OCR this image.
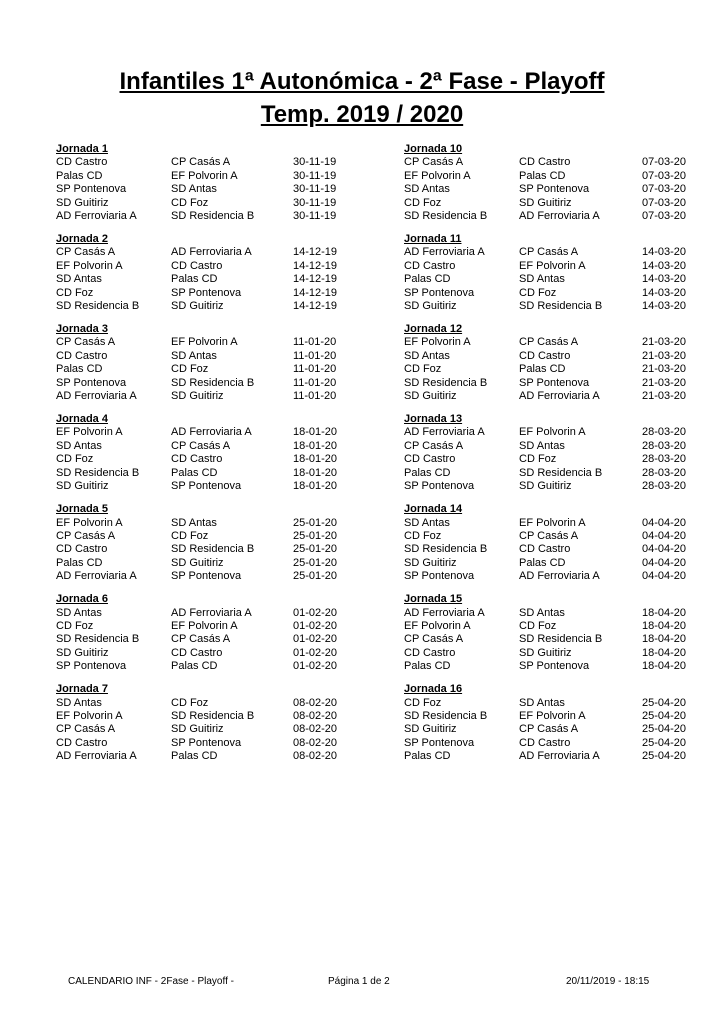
Infantiles 1ª Autonómica - 2ª Fase - Playoff
Temp. 2019 / 2020
Jornada 1
CD Castro	CP Casás A	30-11-19
Palas CD	EF Polvorin A	30-11-19
SP Pontenova	SD Antas	30-11-19
SD Guitiriz	CD Foz	30-11-19
AD Ferroviaria A	SD Residencia B	30-11-19
Jornada 2
CP Casás A	AD Ferroviaria A	14-12-19
EF Polvorin A	CD Castro	14-12-19
SD Antas	Palas CD	14-12-19
CD Foz	SP Pontenova	14-12-19
SD Residencia B	SD Guitiriz	14-12-19
Jornada 3
CP Casás A	EF Polvorin A	11-01-20
CD Castro	SD Antas	11-01-20
Palas CD	CD Foz	11-01-20
SP Pontenova	SD Residencia B	11-01-20
AD Ferroviaria A	SD Guitiriz	11-01-20
Jornada 4
EF Polvorin A	AD Ferroviaria A	18-01-20
SD Antas	CP Casás A	18-01-20
CD Foz	CD Castro	18-01-20
SD Residencia B	Palas CD	18-01-20
SD Guitiriz	SP Pontenova	18-01-20
Jornada 5
EF Polvorin A	SD Antas	25-01-20
CP Casás A	CD Foz	25-01-20
CD Castro	SD Residencia B	25-01-20
Palas CD	SD Guitiriz	25-01-20
AD Ferroviaria A	SP Pontenova	25-01-20
Jornada 6
SD Antas	AD Ferroviaria A	01-02-20
CD Foz	EF Polvorin A	01-02-20
SD Residencia B	CP Casás A	01-02-20
SD Guitiriz	CD Castro	01-02-20
SP Pontenova	Palas CD	01-02-20
Jornada 7
SD Antas	CD Foz	08-02-20
EF Polvorin A	SD Residencia B	08-02-20
CP Casás A	SD Guitiriz	08-02-20
CD Castro	SP Pontenova	08-02-20
AD Ferroviaria A	Palas CD	08-02-20
Jornada 10
CP Casás A	CD Castro	07-03-20
EF Polvorin A	Palas CD	07-03-20
SD Antas	SP Pontenova	07-03-20
CD Foz	SD Guitiriz	07-03-20
SD Residencia B	AD Ferroviaria A	07-03-20
Jornada 11
AD Ferroviaria A	CP Casás A	14-03-20
CD Castro	EF Polvorin A	14-03-20
Palas CD	SD Antas	14-03-20
SP Pontenova	CD Foz	14-03-20
SD Guitiriz	SD Residencia B	14-03-20
Jornada 12
EF Polvorin A	CP Casás A	21-03-20
SD Antas	CD Castro	21-03-20
CD Foz	Palas CD	21-03-20
SD Residencia B	SP Pontenova	21-03-20
SD Guitiriz	AD Ferroviaria A	21-03-20
Jornada 13
AD Ferroviaria A	EF Polvorin A	28-03-20
CP Casás A	SD Antas	28-03-20
CD Castro	CD Foz	28-03-20
Palas CD	SD Residencia B	28-03-20
SP Pontenova	SD Guitiriz	28-03-20
Jornada 14
SD Antas	EF Polvorin A	04-04-20
CD Foz	CP Casás A	04-04-20
SD Residencia B	CD Castro	04-04-20
SD Guitiriz	Palas CD	04-04-20
SP Pontenova	AD Ferroviaria A	04-04-20
Jornada 15
AD Ferroviaria A	SD Antas	18-04-20
EF Polvorin A	CD Foz	18-04-20
CP Casás A	SD Residencia B	18-04-20
CD Castro	SD Guitiriz	18-04-20
Palas CD	SP Pontenova	18-04-20
Jornada 16
CD Foz	SD Antas	25-04-20
SD Residencia B	EF Polvorin A	25-04-20
SD Guitiriz	CP Casás A	25-04-20
SP Pontenova	CD Castro	25-04-20
Palas CD	AD Ferroviaria A	25-04-20
CALENDARIO INF - 2Fase - Playoff -	Página 1 de 2	20/11/2019 - 18:15
